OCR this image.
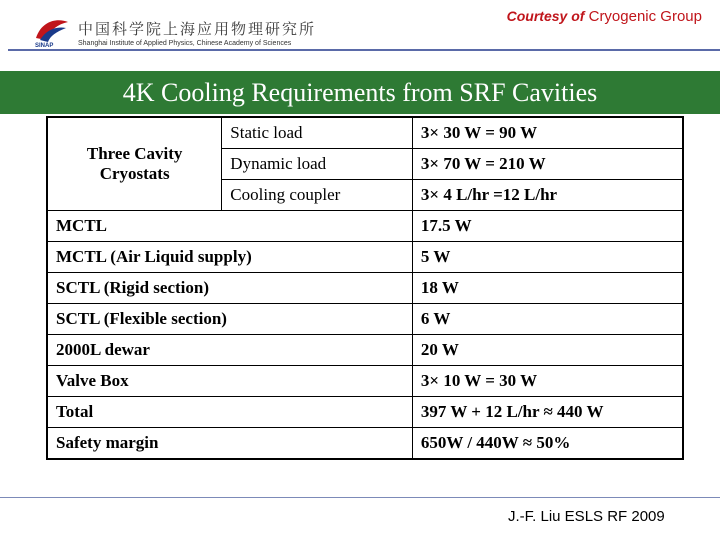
SINAP
中国科学院上海应用物理研究所
Shanghai Institute of Applied Physics, Chinese Academy of Sciences
Courtesy of Cryogenic Group
4K Cooling Requirements from SRF Cavities
Three Cavity Cryostats	Static load	3× 30 W = 90 W
	Dynamic load	3× 70 W = 210 W
	Cooling coupler	3× 4 L/hr =12 L/hr
MCTL		17.5 W
MCTL (Air Liquid supply)		5 W
SCTL (Rigid section)		18 W
SCTL (Flexible section)		6 W
2000L dewar		20 W
Valve Box		3× 10 W = 30 W
Total		397 W + 12 L/hr ≈ 440 W
Safety margin		650W / 440W ≈ 50%
J.-F. Liu ESLS RF 2009
